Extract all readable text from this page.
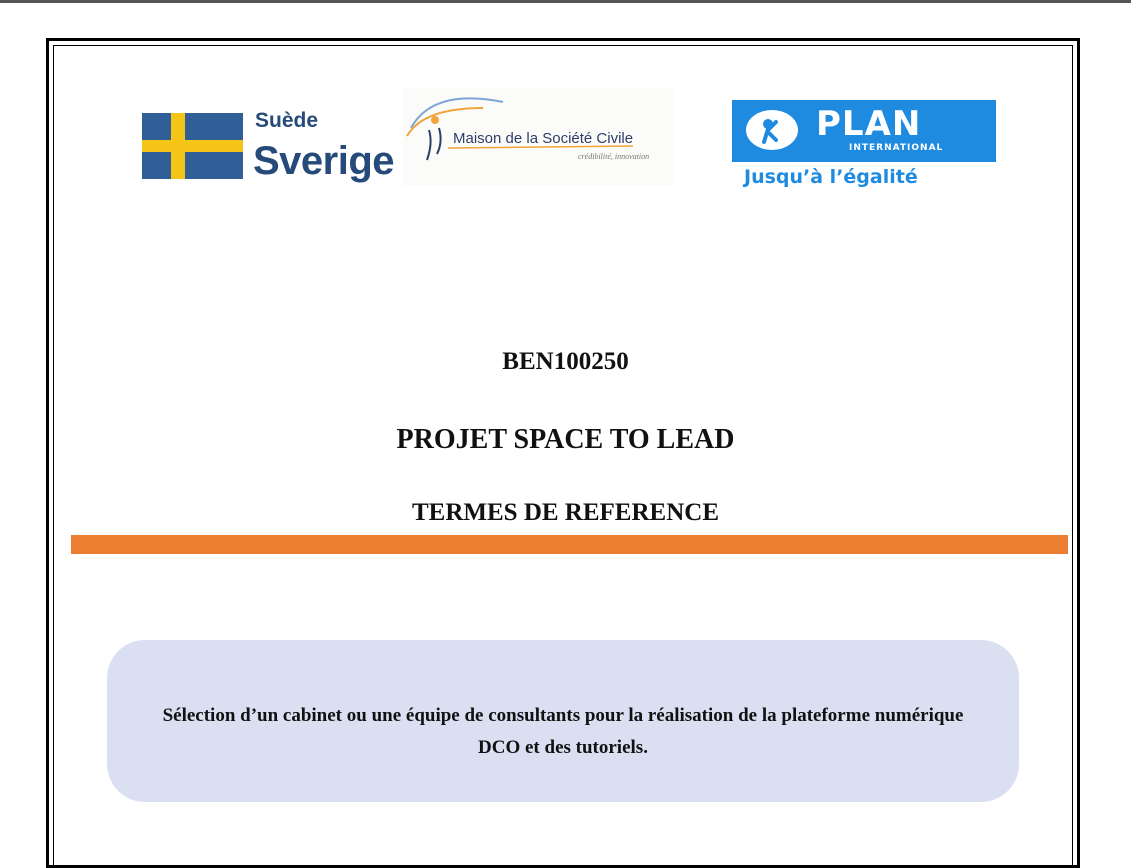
Suède
Sverige
Maison de la Société Civile
crédibilité, innovation
PLAN
INTERNATIONAL
Jusqu’à l’égalité
BEN100250
PROJET SPACE TO LEAD
TERMES DE REFERENCE
Sélection d’un cabinet ou une équipe de consultants pour la réalisation de la plateforme numérique DCO et des tutoriels.
